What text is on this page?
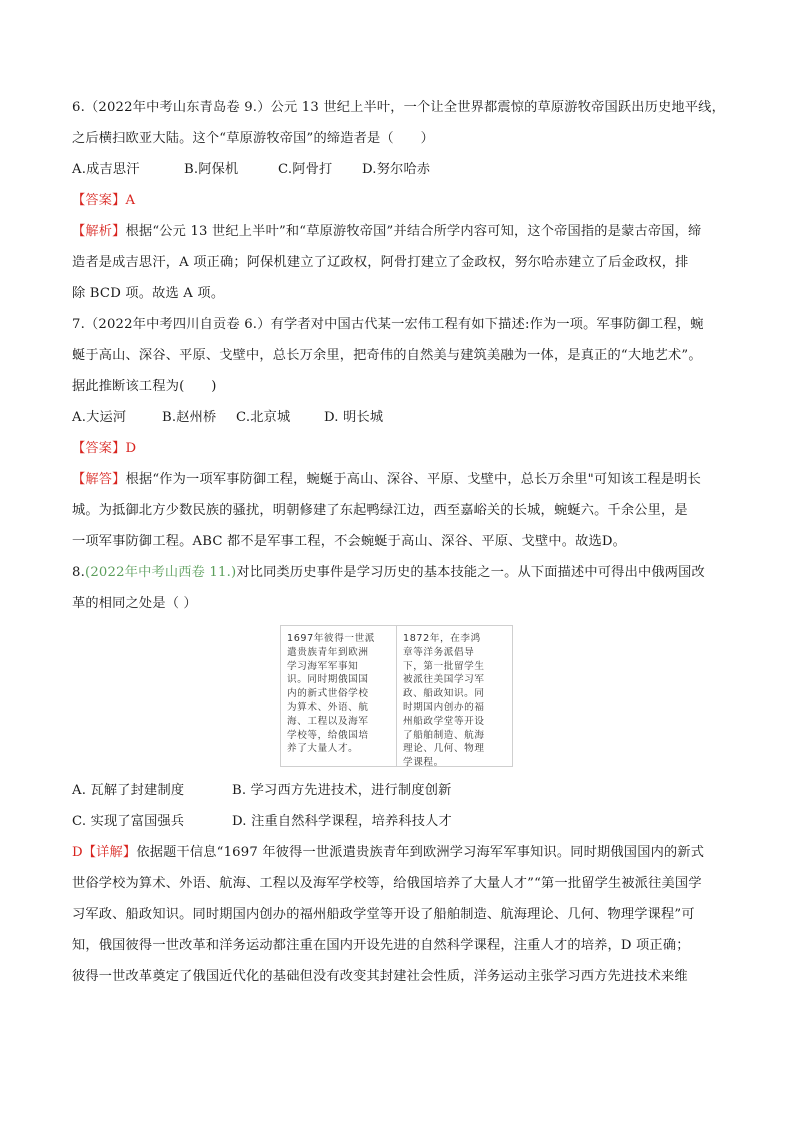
6.（2022年中考山东青岛卷 9.）公元 13 世纪上半叶，一个让全世界都震惊的草原游牧帝国跃出历史地平线，
之后横扫欧亚大陆。这个“草原游牧帝国”的缔造者是（　　）
A.成吉思汗	B.阿保机	C.阿骨打	D.努尔哈赤
【答案】A
【解析】根据“公元 13 世纪上半叶”和“草原游牧帝国”并结合所学内容可知，这个帝国指的是蒙古帝国，缔
造者是成吉思汗，A 项正确；阿保机建立了辽政权，阿骨打建立了金政权，努尔哈赤建立了后金政权，排
除 BCD 项。故选 A 项。
7.（2022年中考四川自贡卷 6.）有学者对中国古代某一宏伟工程有如下描述:作为一项。军事防御工程，蜿
蜒于高山、深谷、平原、戈壁中，总长万余里，把奇伟的自然美与建筑美融为一体，是真正的“大地艺术”。
据此推断该工程为(　　)
A.大运河	B.赵州桥	C.北京城	D. 明长城
【答案】D
【解答】根据“作为一项军事防御工程，蜿蜒于高山、深谷、平原、戈壁中，总长万余里"可知该工程是明长
城。为抵御北方少数民族的骚扰，明朝修建了东起鸭绿江边，西至嘉峪关的长城，蜿蜒六。千余公里，是
一项军事防御工程。ABC 都不是军事工程，不会蜿蜒于高山、深谷、平原、戈壁中。故选D。
8.(2022年中考山西卷 11.)对比同类历史事件是学习历史的基本技能之一。从下面描述中可得出中俄两国改
革的相同之处是（ ）
1697年彼得一世派
遣贵族青年到欧洲
学习海军军事知
识。同时期俄国国
内的新式世俗学校
为算术、外语、航
海、工程以及海军
学校等，给俄国培
养了大量人才。
1872年，在李鸿
章等洋务派倡导
下，第一批留学生
被派往美国学习军
政、船政知识。同
时期国内创办的福
州船政学堂等开设
了船舶制造、航海
理论、几何、物理
学课程。
A. 瓦解了封建制度	B. 学习西方先进技术，进行制度创新
C. 实现了富国强兵	D. 注重自然科学课程，培养科技人才
D【详解】依据题干信息“1697 年彼得一世派遣贵族青年到欧洲学习海军军事知识。同时期俄国国内的新式
世俗学校为算术、外语、航海、工程以及海军学校等，给俄国培养了大量人才”“第一批留学生被派往美国学
习军政、船政知识。同时期国内创办的福州船政学堂等开设了船舶制造、航海理论、几何、物理学课程”可
知，俄国彼得一世改革和洋务运动都注重在国内开设先进的自然科学课程，注重人才的培养，D 项正确；
彼得一世改革奠定了俄国近代化的基础但没有改变其封建社会性质，洋务运动主张学习西方先进技术来维
